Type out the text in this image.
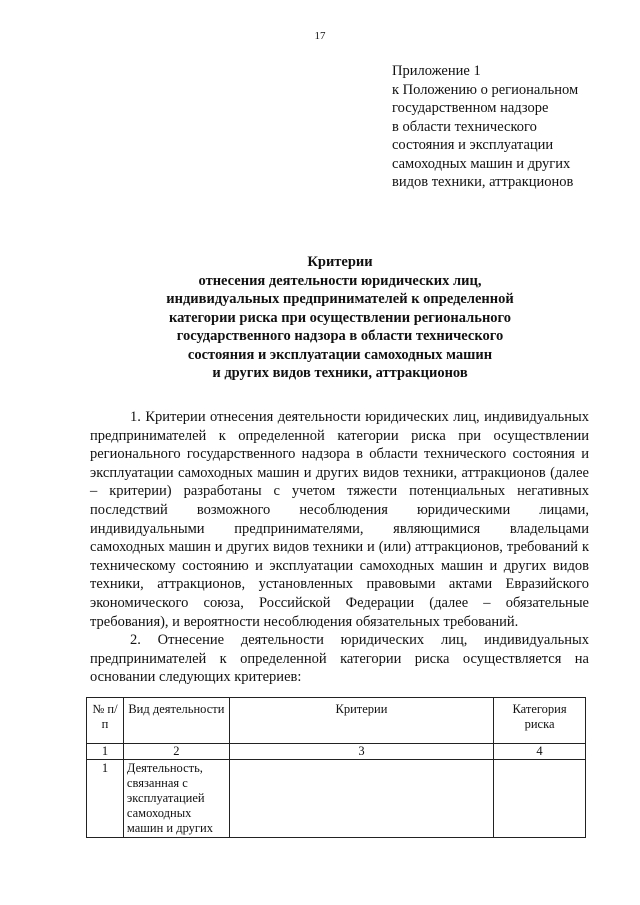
17
Приложение 1
к Положению о региональном
государственном надзоре
в области технического
состояния и эксплуатации
самоходных машин и других
видов техники, аттракционов
Критерии
отнесения деятельности юридических лиц,
индивидуальных предпринимателей к определенной
категории риска при осуществлении регионального
государственного надзора в области технического
состояния и эксплуатации самоходных машин
и других видов техники, аттракционов

1. Критерии отнесения деятельности юридических лиц, индивидуальных предпринимателей к определенной категории риска при осуществлении регионального государственного надзора в области технического состояния и эксплуатации самоходных машин и других видов техники, аттракционов (далее – критерии) разработаны с учетом тяжести потенциальных негативных последствий возможного несоблюдения юридическими лицами, индивидуальными предпринимателями, являющимися владельцами самоходных машин и других видов техники и (или) аттракционов, требований к техническому состоянию и эксплуатации самоходных машин и других видов техники, аттракционов, установленных правовыми актами Евразийского экономического союза, Российской Федерации (далее – обязательные требования), и вероятности несоблюдения обязательных требований.

2. Отнесение деятельности юридических лиц, индивидуальных предпринимателей к определенной категории риска осуществляется на основании следующих критериев:

№ п/п	Вид деятельности	Критерии	Категория риска
1	2	3	4
1	Деятельность, связанная с эксплуатацией самоходных машин и других		
